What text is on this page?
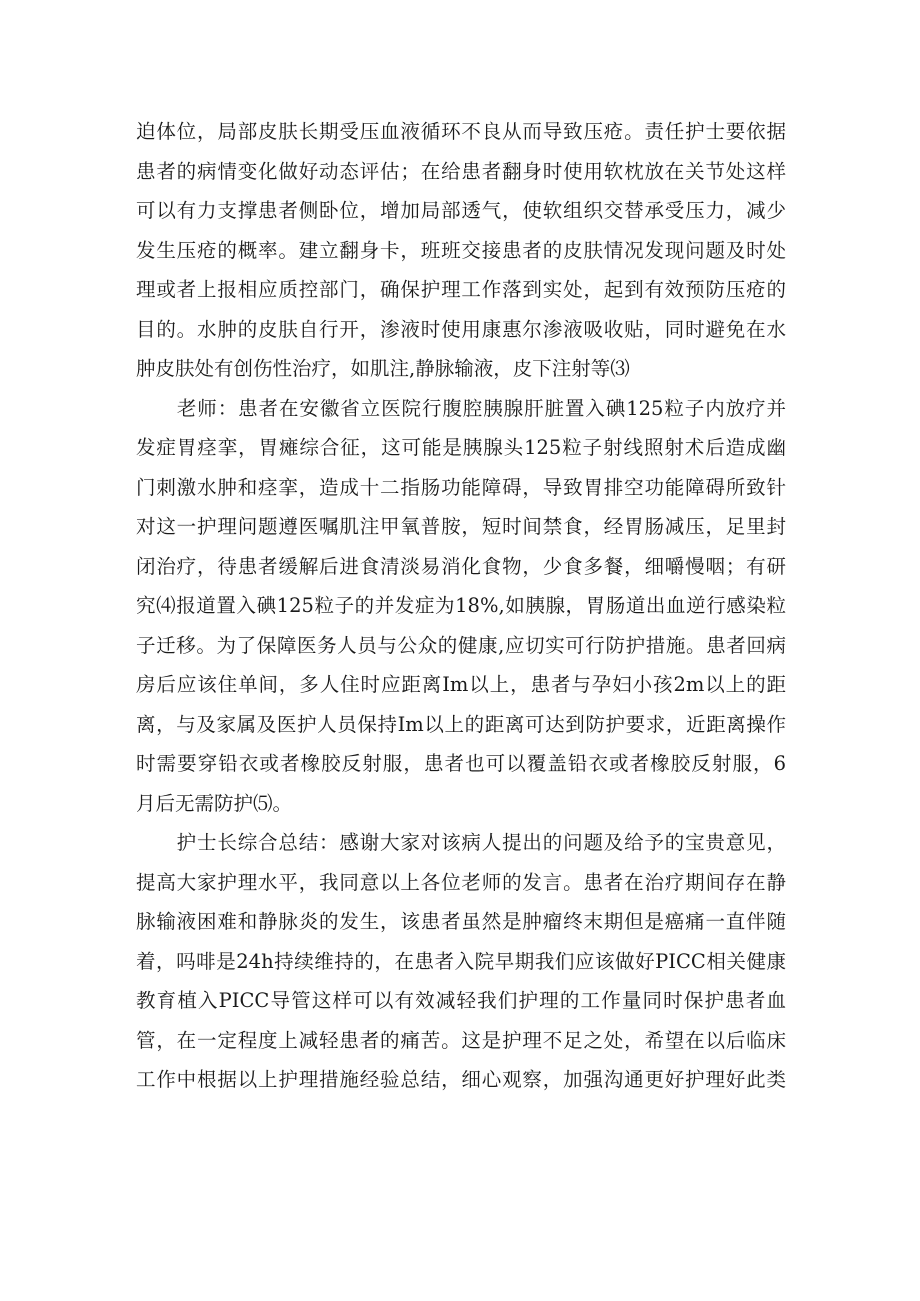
迫体位，局部皮肤长期受压血液循环不良从而导致压疮。责任护士要依据
患者的病情变化做好动态评估；在给患者翻身时使用软枕放在关节处这样
可以有力支撑患者侧卧位，增加局部透气，使软组织交替承受压力，减少
发生压疮的概率。建立翻身卡，班班交接患者的皮肤情况发现问题及时处
理或者上报相应质控部门，确保护理工作落到实处，起到有效预防压疮的
目的。水肿的皮肤自行开，渗液时使用康惠尔渗液吸收贴，同时避免在水
肿皮肤处有创伤性治疗，如肌注,静脉输液，皮下注射等⑶
　　老师：患者在安徽省立医院行腹腔胰腺肝脏置入碘125粒子内放疗并
发症胃痉挛，胃瘫综合征，这可能是胰腺头125粒子射线照射术后造成幽
门刺激水肿和痉挛，造成十二指肠功能障碍，导致胃排空功能障碍所致针
对这一护理问题遵医嘱肌注甲氧普胺，短时间禁食，经胃肠减压，足里封
闭治疗，待患者缓解后进食清淡易消化食物，少食多餐，细嚼慢咽；有研
究⑷报道置入碘125粒子的并发症为18%,如胰腺，胃肠道出血逆行感染粒
子迁移。为了保障医务人员与公众的健康,应切实可行防护措施。患者回病
房后应该住单间，多人住时应距离Im以上，患者与孕妇小孩2m以上的距
离，与及家属及医护人员保持Im以上的距离可达到防护要求，近距离操作
时需要穿铅衣或者橡胶反射服，患者也可以覆盖铅衣或者橡胶反射服，6
月后无需防护⑸。
　　护士长综合总结：感谢大家对该病人提出的问题及给予的宝贵意见，
提高大家护理水平，我同意以上各位老师的发言。患者在治疗期间存在静
脉输液困难和静脉炎的发生，该患者虽然是肿瘤终末期但是癌痛一直伴随
着，吗啡是24h持续维持的，在患者入院早期我们应该做好PICC相关健康
教育植入PICC导管这样可以有效减轻我们护理的工作量同时保护患者血
管，在一定程度上减轻患者的痛苦。这是护理不足之处，希望在以后临床
工作中根据以上护理措施经验总结，细心观察，加强沟通更好护理好此类
